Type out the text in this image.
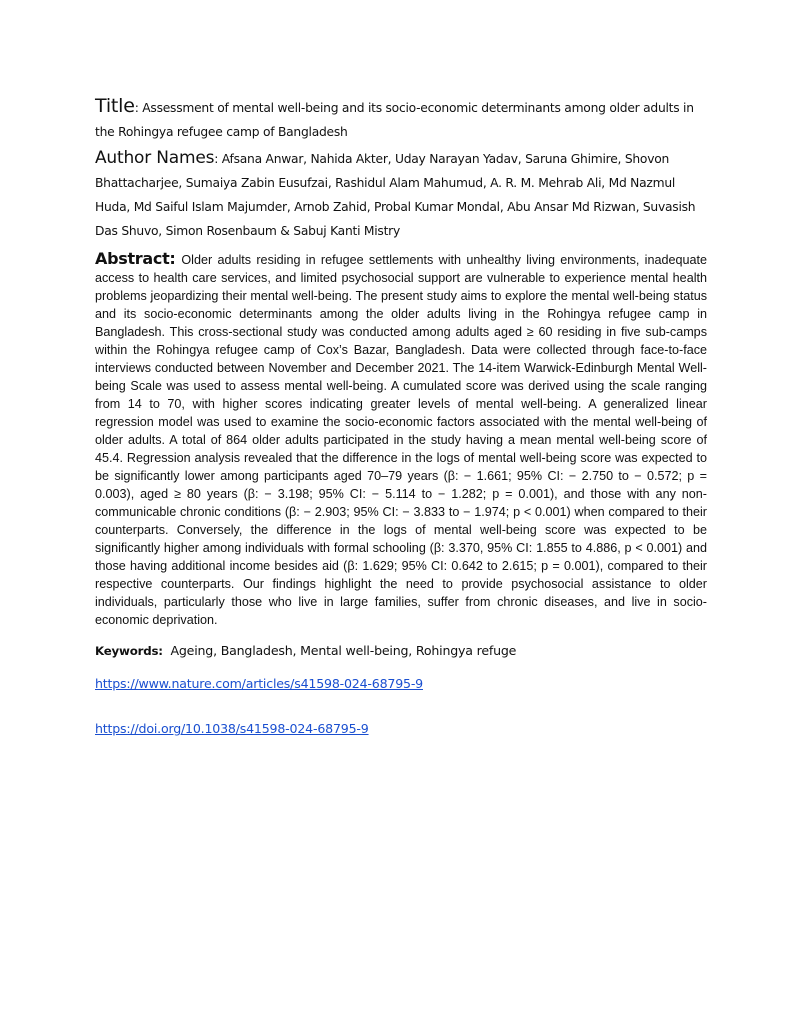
Title: Assessment of mental well-being and its socio-economic determinants among older adults in the Rohingya refugee camp of Bangladesh

Author Names: Afsana Anwar, Nahida Akter, Uday Narayan Yadav, Saruna Ghimire, Shovon Bhattacharjee, Sumaiya Zabin Eusufzai, Rashidul Alam Mahumud, A. R. M. Mehrab Ali, Md Nazmul Huda, Md Saiful Islam Majumder, Arnob Zahid, Probal Kumar Mondal, Abu Ansar Md Rizwan, Suvasish Das Shuvo, Simon Rosenbaum & Sabuj Kanti Mistry

Abstract: Older adults residing in refugee settlements with unhealthy living environments, inadequate access to health care services, and limited psychosocial support are vulnerable to experience mental health problems jeopardizing their mental well-being. The present study aims to explore the mental well-being status and its socio-economic determinants among the older adults living in the Rohingya refugee camp in Bangladesh. This cross-sectional study was conducted among adults aged ≥ 60 residing in five sub-camps within the Rohingya refugee camp of Cox’s Bazar, Bangladesh. Data were collected through face-to-face interviews conducted between November and December 2021. The 14-item Warwick-Edinburgh Mental Well-being Scale was used to assess mental well-being. A cumulated score was derived using the scale ranging from 14 to 70, with higher scores indicating greater levels of mental well-being. A generalized linear regression model was used to examine the socio-economic factors associated with the mental well-being of older adults. A total of 864 older adults participated in the study having a mean mental well-being score of 45.4. Regression analysis revealed that the difference in the logs of mental well-being score was expected to be significantly lower among participants aged 70–79 years (β: − 1.661; 95% CI: − 2.750 to − 0.572; p = 0.003), aged ≥ 80 years (β: − 3.198; 95% CI: − 5.114 to − 1.282; p = 0.001), and those with any non-communicable chronic conditions (β: − 2.903; 95% CI: − 3.833 to − 1.974; p < 0.001) when compared to their counterparts. Conversely, the difference in the logs of mental well-being score was expected to be significantly higher among individuals with formal schooling (β: 3.370, 95% CI: 1.855 to 4.886, p < 0.001) and those having additional income besides aid (β: 1.629; 95% CI: 0.642 to 2.615; p = 0.001), compared to their respective counterparts. Our findings highlight the need to provide psychosocial assistance to older individuals, particularly those who live in large families, suffer from chronic diseases, and live in socio-economic deprivation.

Keywords: Ageing, Bangladesh, Mental well-being, Rohingya refuge

https://www.nature.com/articles/s41598-024-68795-9
https://doi.org/10.1038/s41598-024-68795-9
